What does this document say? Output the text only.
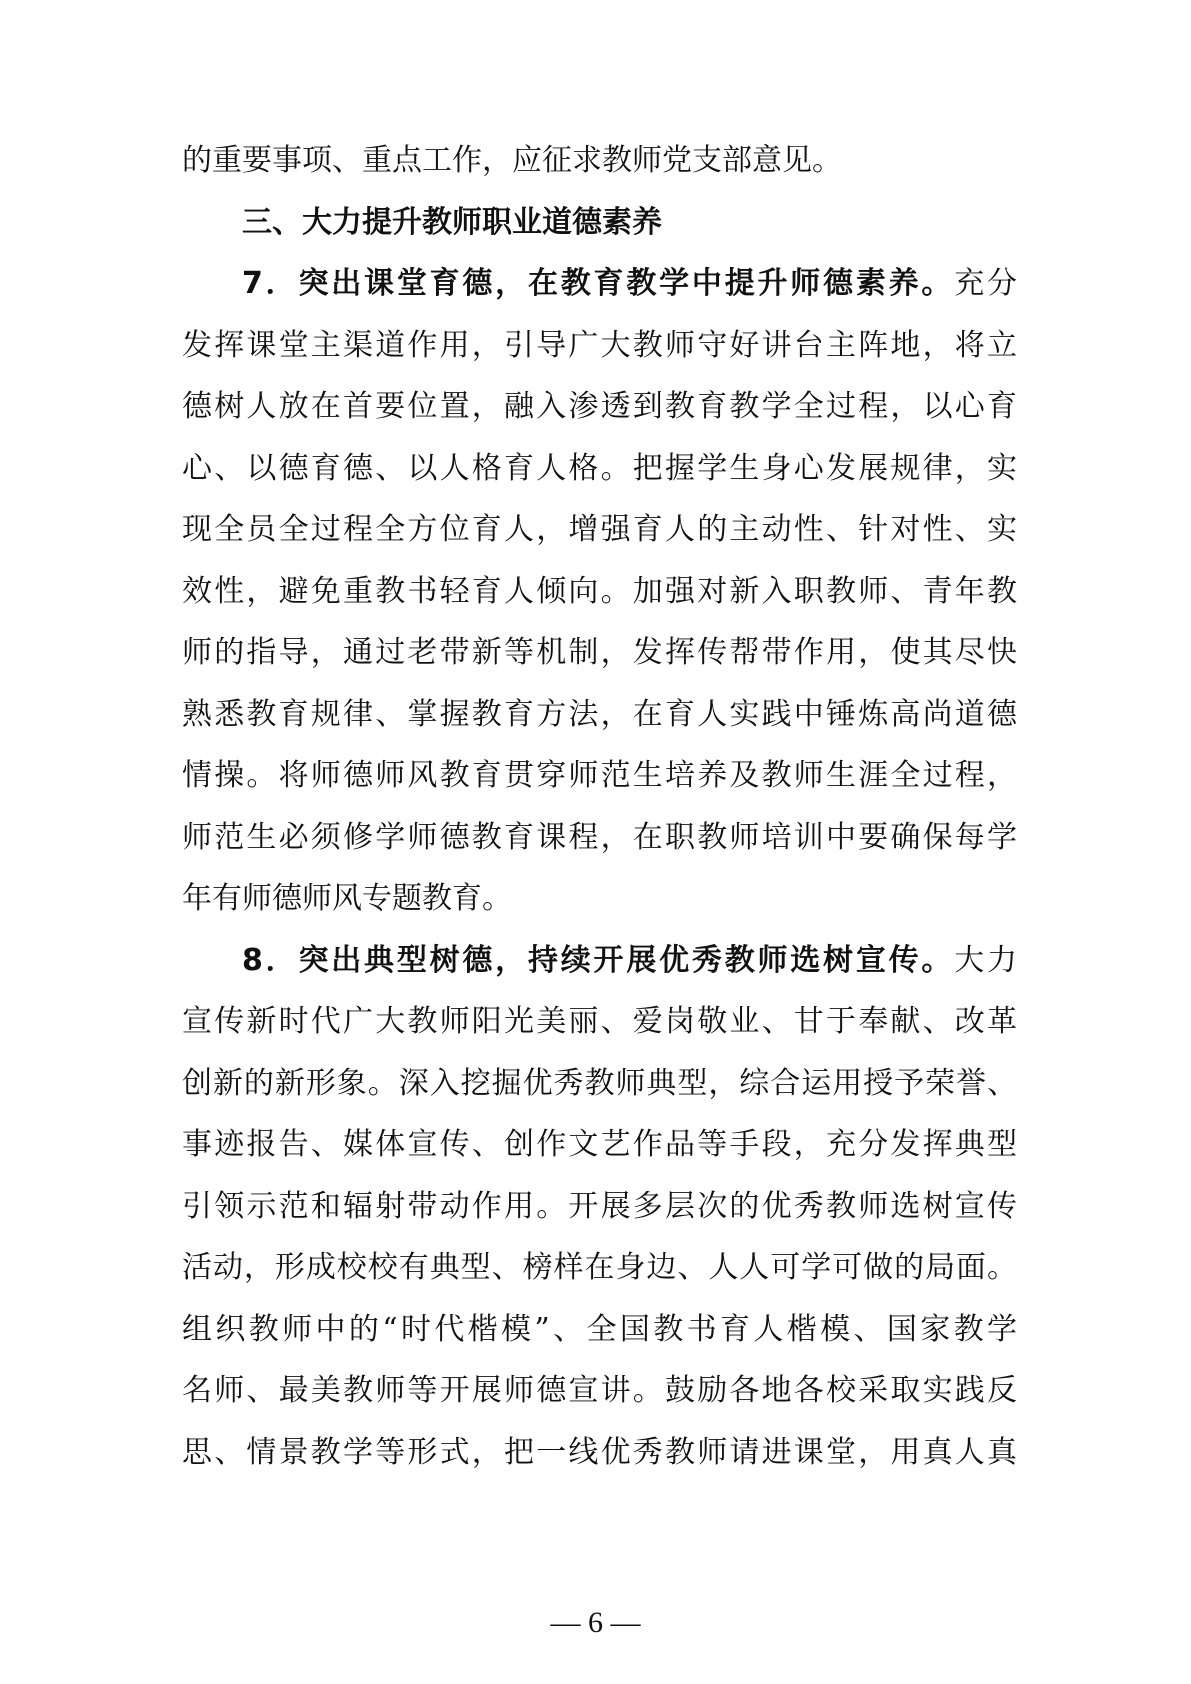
的重要事项、重点工作，应征求教师党支部意见。
三、大力提升教师职业道德素养
7．突出课堂育德，在教育教学中提升师德素养。充分
发挥课堂主渠道作用，引导广大教师守好讲台主阵地，将立
德树人放在首要位置，融入渗透到教育教学全过程，以心育
心、以德育德、以人格育人格。把握学生身心发展规律，实
现全员全过程全方位育人，增强育人的主动性、针对性、实
效性，避免重教书轻育人倾向。加强对新入职教师、青年教
师的指导，通过老带新等机制，发挥传帮带作用，使其尽快
熟悉教育规律、掌握教育方法，在育人实践中锤炼高尚道德
情操。将师德师风教育贯穿师范生培养及教师生涯全过程，
师范生必须修学师德教育课程，在职教师培训中要确保每学
年有师德师风专题教育。
8．突出典型树德，持续开展优秀教师选树宣传。大力
宣传新时代广大教师阳光美丽、爱岗敬业、甘于奉献、改革
创新的新形象。深入挖掘优秀教师典型，综合运用授予荣誉、
事迹报告、媒体宣传、创作文艺作品等手段，充分发挥典型
引领示范和辐射带动作用。开展多层次的优秀教师选树宣传
活动，形成校校有典型、榜样在身边、人人可学可做的局面。
组织教师中的“时代楷模”、全国教书育人楷模、国家教学
名师、最美教师等开展师德宣讲。鼓励各地各校采取实践反
思、情景教学等形式，把一线优秀教师请进课堂，用真人真
— 6 —
